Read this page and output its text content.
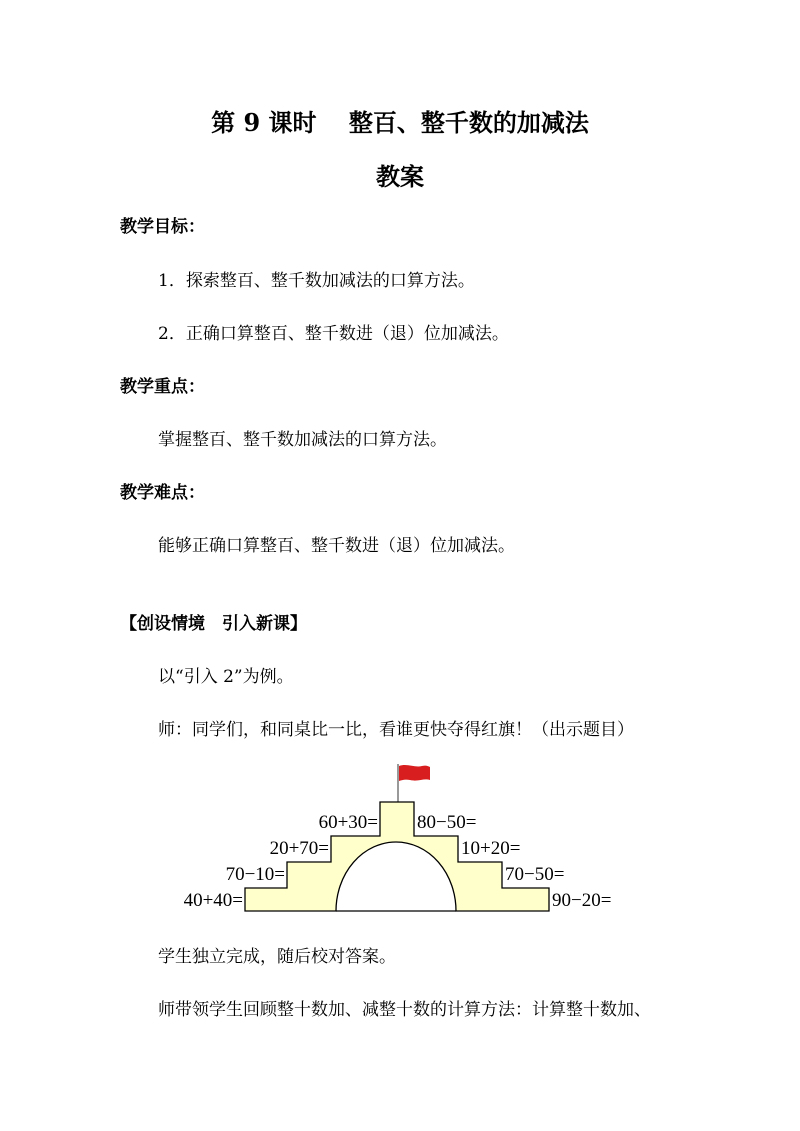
第 9 课时　 整百、整千数的加减法
教案
教学目标：
1．探索整百、整千数加减法的口算方法。
2．正确口算整百、整千数进（退）位加减法。
教学重点：
掌握整百、整千数加减法的口算方法。
教学难点：
能够正确口算整百、整千数进（退）位加减法。
【创设情境　引入新课】
以“引入 2”为例。
师：同学们，和同桌比一比，看谁更快夺得红旗！（出示题目）
60+30= 80−50=
20+70=	10+20=
70−10=	70−50=
40+40=	90−20=
学生独立完成，随后校对答案。
师带领学生回顾整十数加、减整十数的计算方法：计算整十数加、
